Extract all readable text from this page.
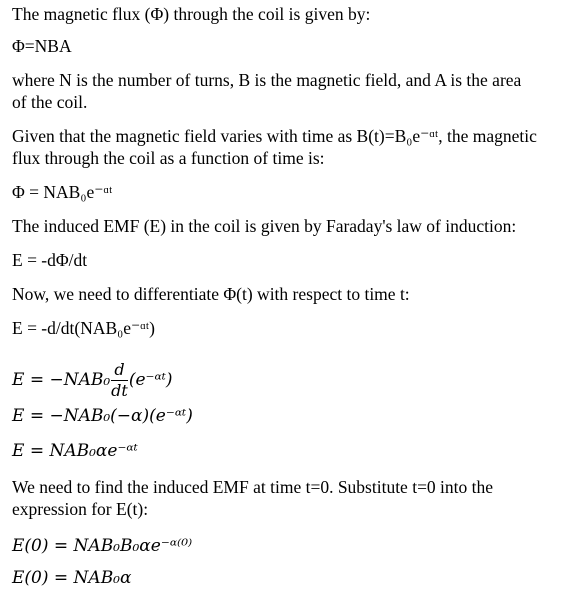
The magnetic flux (Φ) through the coil is given by:
Φ=NBA
where N is the number of turns, B is the magnetic field, and A is the area
of the coil.
Given that the magnetic field varies with time as B(t)=B₀e⁻ᵅᵗ, the magnetic
flux through the coil as a function of time is:
Φ = NAB₀e⁻ᵅᵗ
The induced EMF (E) in the coil is given by Faraday's law of induction:
E = -dΦ/dt
Now, we need to differentiate Φ(t) with respect to time t:
E = -d/dt(NAB₀e⁻ᵅᵗ)
$E = -NAB_0 \frac{d}{dt}$ (e⁻ᵅᵗ)
E = −NAB₀(−α)(e⁻ᵅᵗ)
E = NAB₀αe⁻ᵅᵗ
We need to find the induced EMF at time t=0. Substitute t=0 into the
expression for E(t):
E(0) = NAB₀B₀αe⁻ᵅ⁽⁰⁾
E(0) = NAB₀α
